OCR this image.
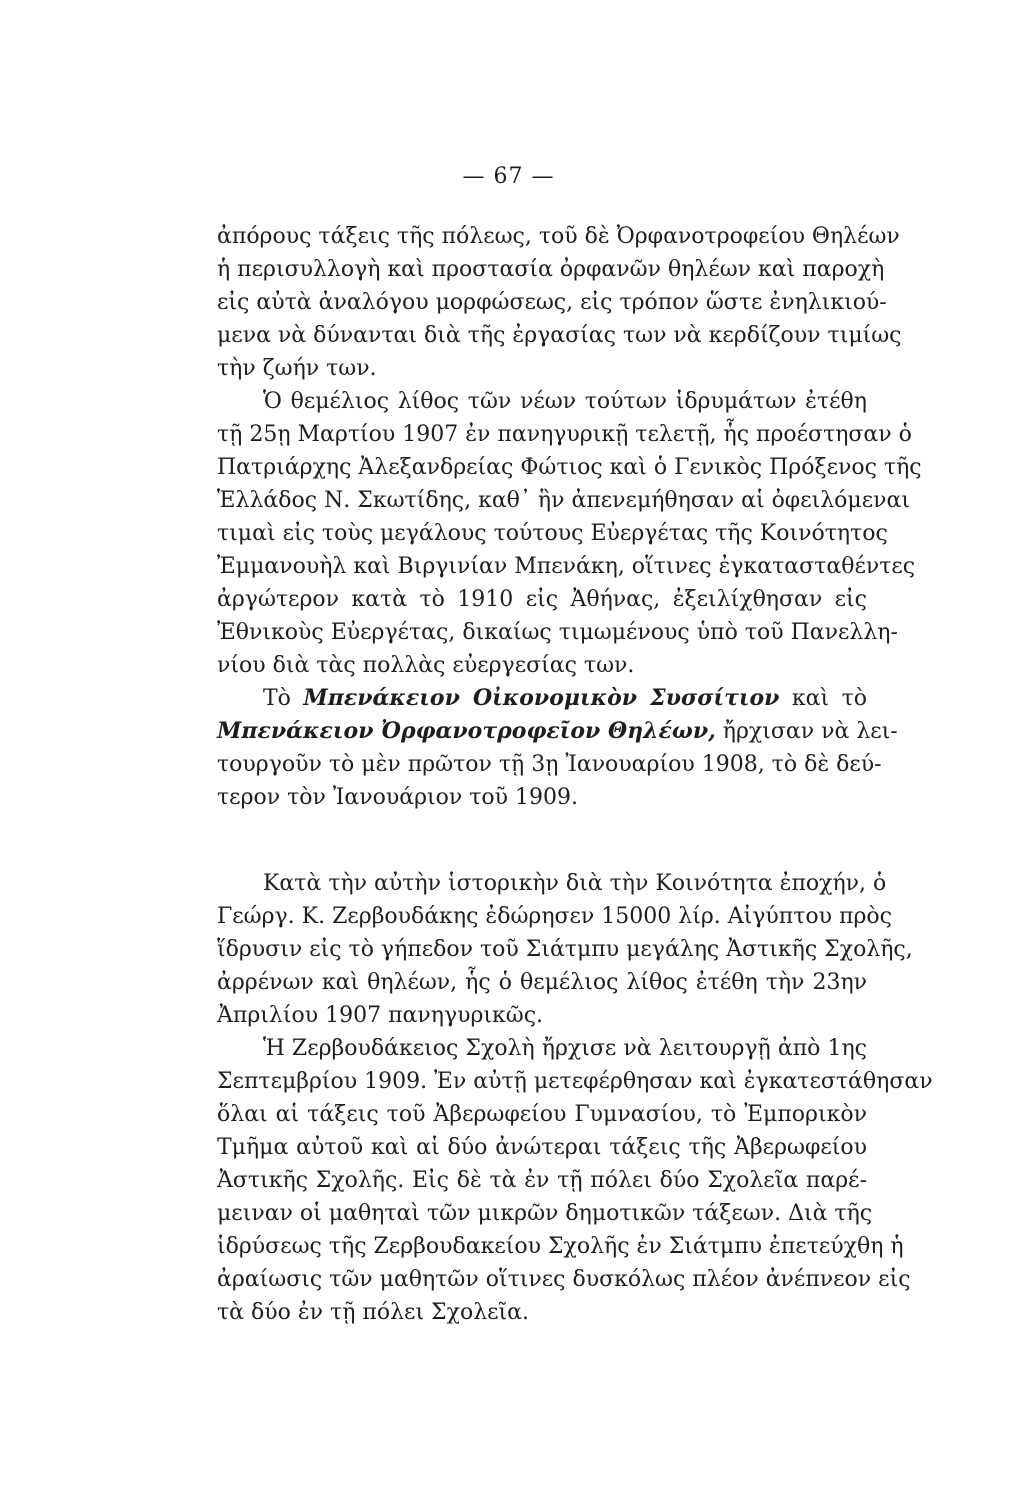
— 67 —
ἀπόρους τάξεις τῆς πόλεως, τοῦ δὲ Ὀρφανοτροφείου Θηλέων
ἡ περισυλλογὴ καὶ προστασία ὀρφανῶν θηλέων καὶ παροχὴ
εἰς αὐτὰ ἀναλόγου μορφώσεως, εἰς τρόπον ὥστε ἐνηλικιού-
μενα νὰ δύνανται διὰ τῆς ἐργασίας των νὰ κερδίζουν τιμίως
τὴν ζωήν των.
Ὁ θεμέλιος λίθος τῶν νέων τούτων ἱδρυμάτων ἐτέθη
τῇ 25ῃ Μαρτίου 1907 ἐν πανηγυρικῇ τελετῇ, ἧς προέστησαν ὁ
Πατριάρχης Ἀλεξανδρείας Φώτιος καὶ ὁ Γενικὸς Πρόξενος τῆς
Ἑλλάδος Ν. Σκωτίδης, καθ᾽ ἣν ἀπενεμήθησαν αἱ ὀφειλόμεναι
τιμαὶ εἰς τοὺς μεγάλους τούτους Εὐεργέτας τῆς Κοινότητος
Ἐμμανουὴλ καὶ Βιργινίαν Μπενάκη, οἵτινες ἐγκατασταθέντες
ἀργώτερον κατὰ τὸ 1910 εἰς Ἀθήνας, ἐξειλίχθησαν εἰς
Ἐθνικοὺς Εὐεργέτας, δικαίως τιμωμένους ὑπὸ τοῦ Πανελλη-
νίου διὰ τὰς πολλὰς εὐεργεσίας των.
Τὸ Μπενάκειον Οἰκονομικὸν Συσσίτιον καὶ τὸ
Μπενάκειον Ὀρφανοτροφεῖον Θηλέων, ἤρχισαν νὰ λει-
τουργοῦν τὸ μὲν πρῶτον τῇ 3ῃ Ἰανουαρίου 1908, τὸ δὲ δεύ-
τερον τὸν Ἰανουάριον τοῦ 1909.
Κατὰ τὴν αὐτὴν ἱστορικὴν διὰ τὴν Κοινότητα ἐποχήν, ὁ
Γεώργ. Κ. Ζερβουδάκης ἐδώρησεν 15000 λίρ. Αἰγύπτου πρὸς
ἵδρυσιν εἰς τὸ γήπεδον τοῦ Σιάτμπυ μεγάλης Ἀστικῆς Σχολῆς,
ἀρρένων καὶ θηλέων, ἧς ὁ θεμέλιος λίθος ἐτέθη τὴν 23ην
Ἀπριλίου 1907 πανηγυρικῶς.
Ἡ Ζερβουδάκειος Σχολὴ ἤρχισε νὰ λειτουργῇ ἀπὸ 1ης
Σεπτεμβρίου 1909. Ἐν αὐτῇ μετεφέρθησαν καὶ ἐγκατεστάθησαν
ὅλαι αἱ τάξεις τοῦ Ἀβερωφείου Γυμνασίου, τὸ Ἐμπορικὸν
Τμῆμα αὐτοῦ καὶ αἱ δύο ἀνώτεραι τάξεις τῆς Ἀβερωφείου
Ἀστικῆς Σχολῆς. Εἰς δὲ τὰ ἐν τῇ πόλει δύο Σχολεῖα παρέ-
μειναν οἱ μαθηταὶ τῶν μικρῶν δημοτικῶν τάξεων. Διὰ τῆς
ἱδρύσεως τῆς Ζερβουδακείου Σχολῆς ἐν Σιάτμπυ ἐπετεύχθη ἡ
ἀραίωσις τῶν μαθητῶν οἵτινες δυσκόλως πλέον ἀνέπνεον εἰς
τὰ δύο ἐν τῇ πόλει Σχολεῖα.
